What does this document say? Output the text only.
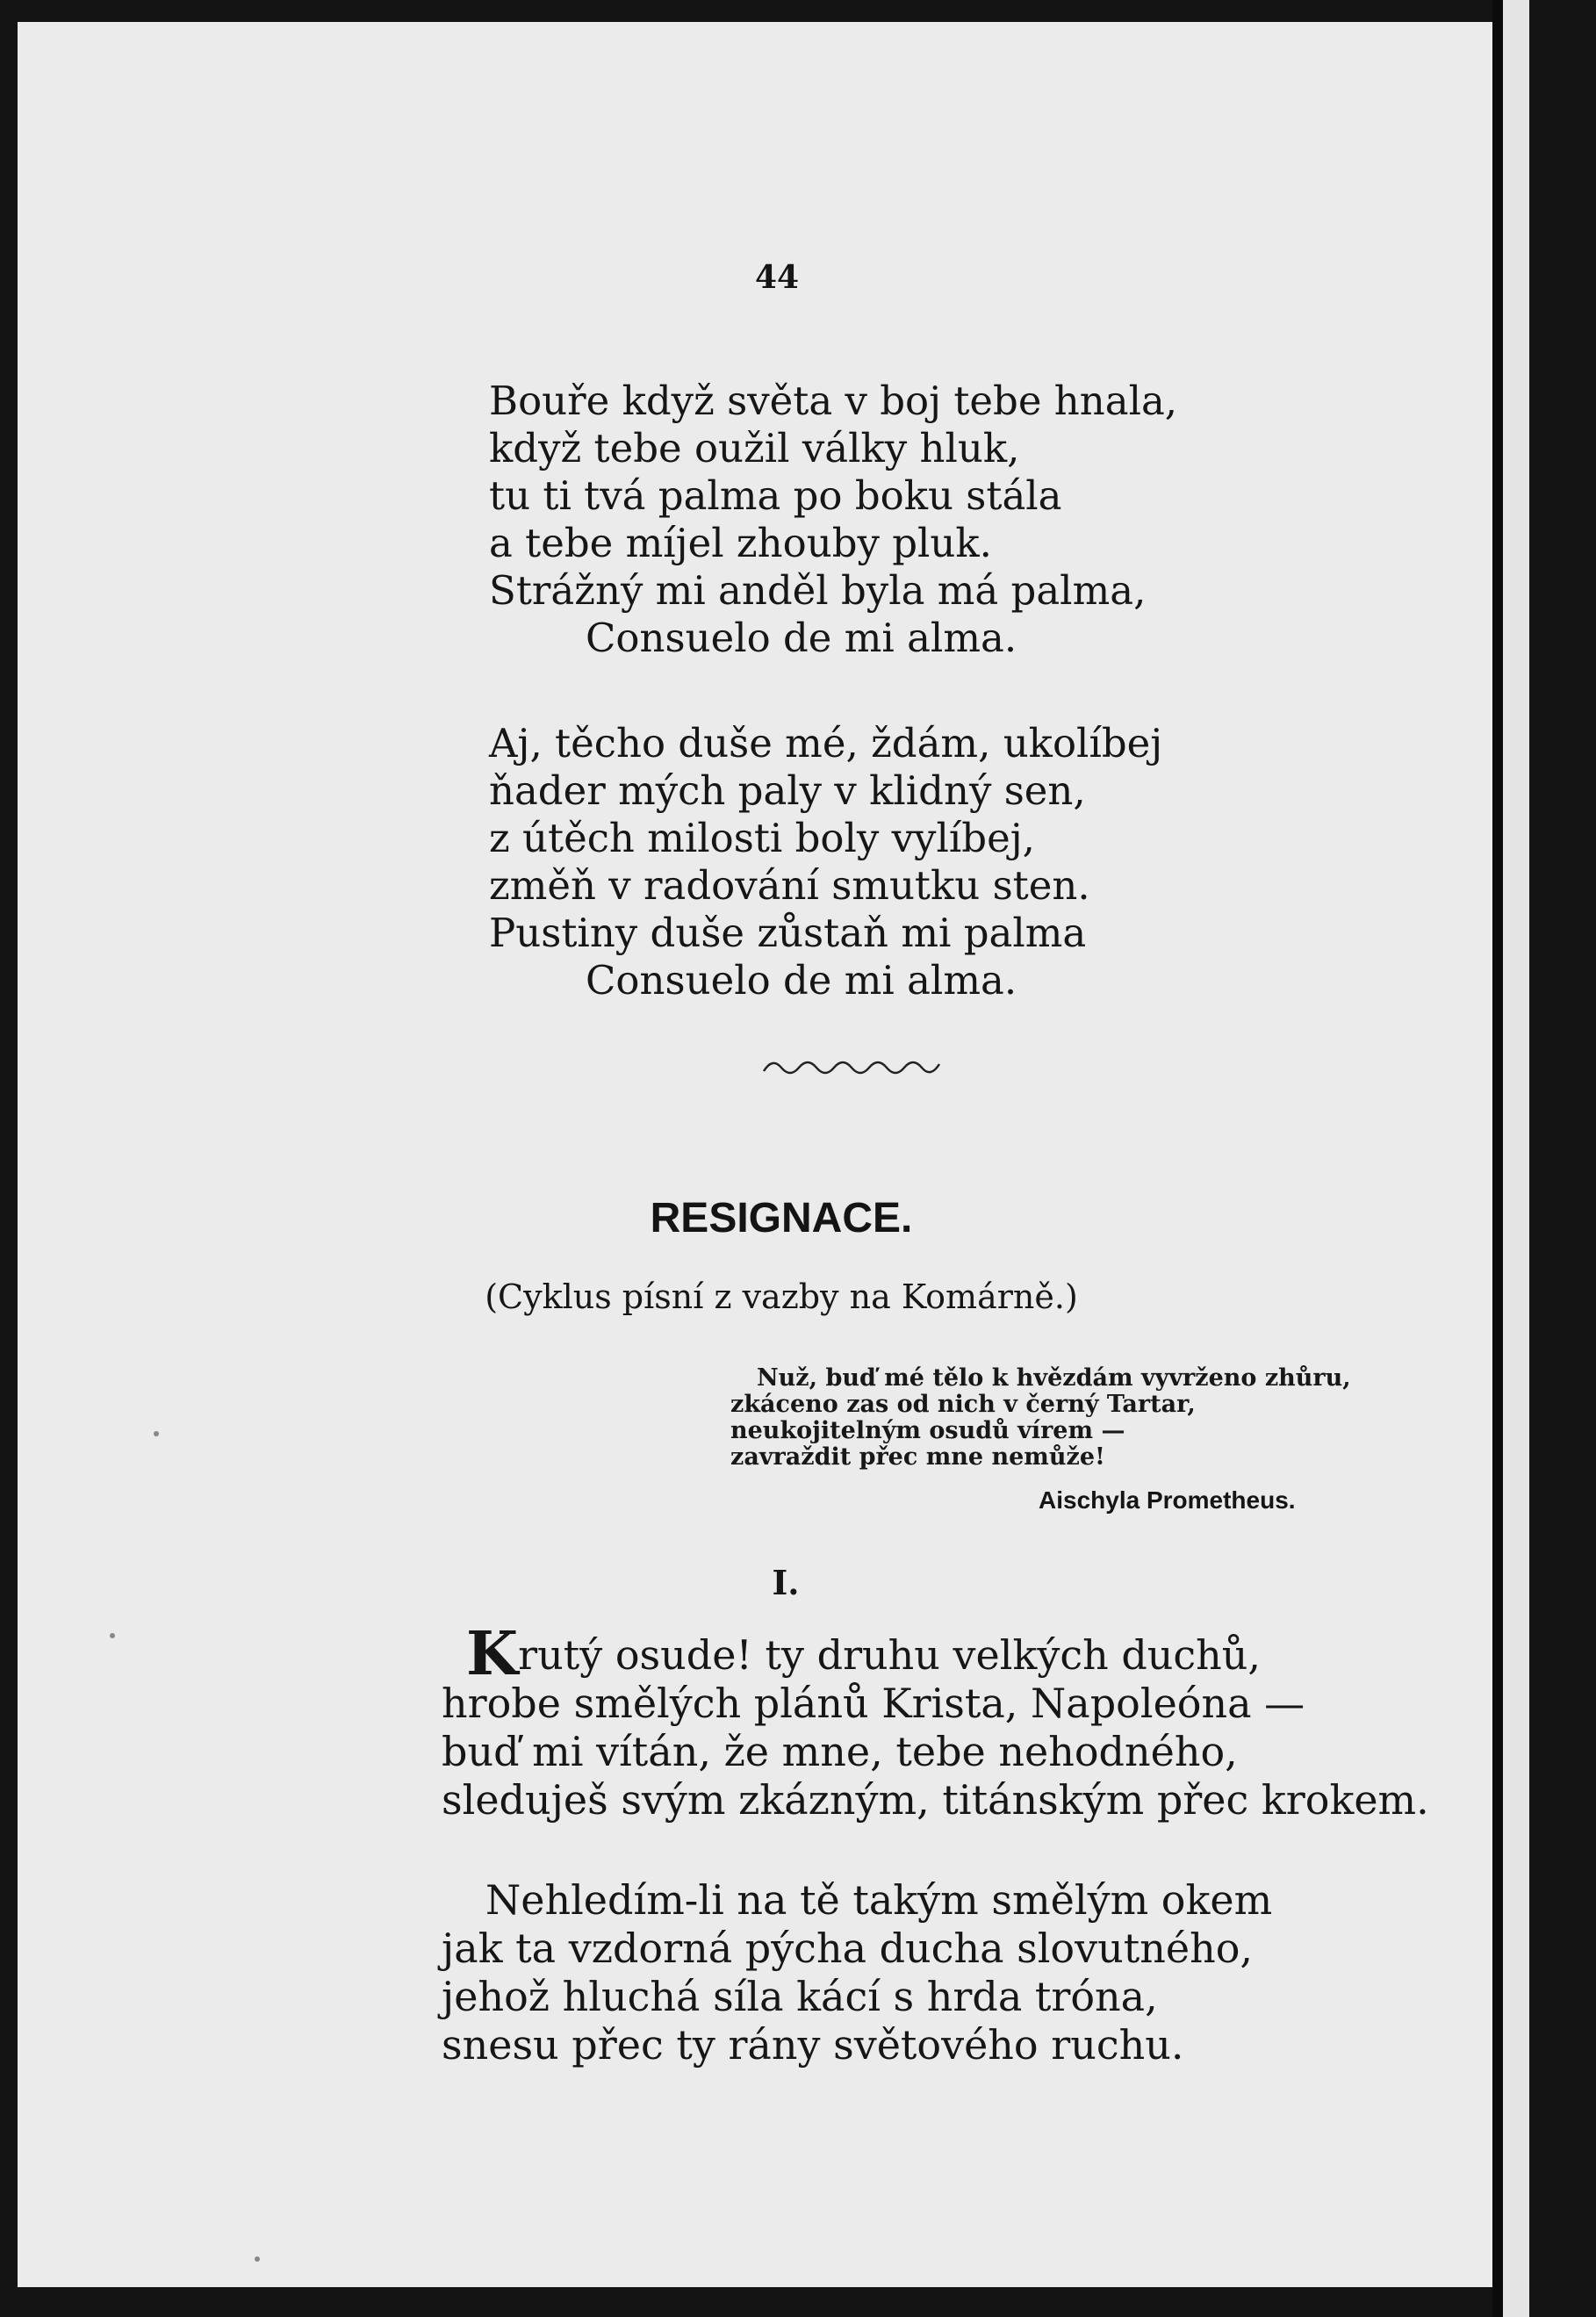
44
Bouře když světa v boj tebe hnala,
když tebe oužil války hluk,
tu ti tvá palma po boku stála
a tebe míjel zhouby pluk.
Strážný mi anděl byla má palma,
Consuelo de mi alma.
Aj, těcho duše mé, ždám, ukolíbej
ňader mých paly v klidný sen,
z útěch milosti boly vylíbej,
změň v radování smutku sten.
Pustiny duše zůstaň mi palma
Consuelo de mi alma.
RESIGNACE.
(Cyklus písní z vazby na Komárně.)
Nuž, buď mé tělo k hvězdám vyvrženo zhůru,
zkáceno zas od nich v černý Tartar,
neukojitelným osudů vírem —
zavraždit přec mne nemůže!
Aischyla Prometheus.
I.
Krutý osude! ty druhu velkých duchů,
hrobe smělých plánů Krista, Napoleóna —
buď mi vítán, že mne, tebe nehodného,
sleduješ svým zkázným, titánským přec krokem.
Nehledím-li na tě takým smělým okem
jak ta vzdorná pýcha ducha slovutného,
jehož hluchá síla kácí s hrda tróna,
snesu přec ty rány světového ruchu.
